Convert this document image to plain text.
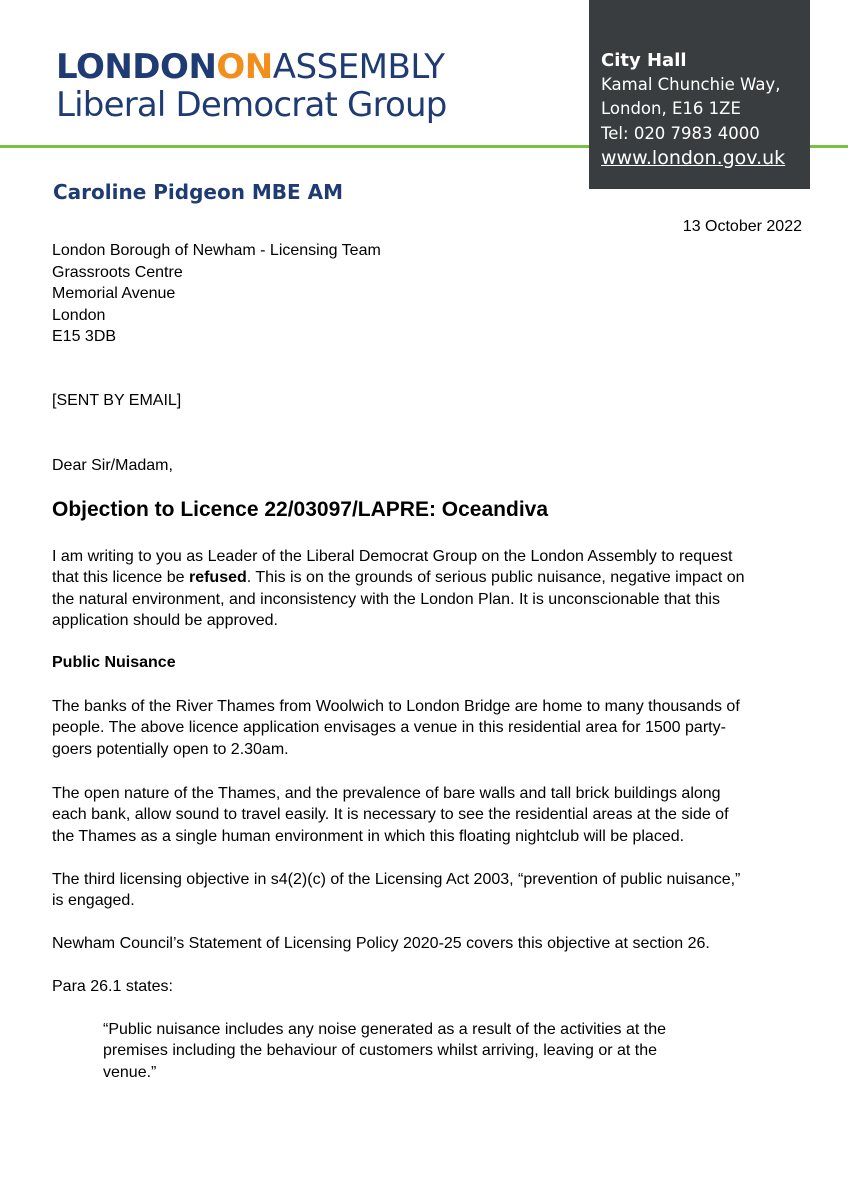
LONDONONASSEMBLY
Liberal Democrat Group
City Hall
Kamal Chunchie Way,
London, E16 1ZE
Tel: 020 7983 4000
www.london.gov.uk
Caroline Pidgeon MBE AM
13 October 2022
London Borough of Newham - Licensing Team
Grassroots Centre
Memorial Avenue
London
E15 3DB
[SENT BY EMAIL]
Dear Sir/Madam,
Objection to Licence 22/03097/LAPRE: Oceandiva
I am writing to you as Leader of the Liberal Democrat Group on the London Assembly to request
that this licence be refused. This is on the grounds of serious public nuisance, negative impact on
the natural environment, and inconsistency with the London Plan. It is unconscionable that this
application should be approved.
Public Nuisance
The banks of the River Thames from Woolwich to London Bridge are home to many thousands of
people. The above licence application envisages a venue in this residential area for 1500 party-
goers potentially open to 2.30am.
The open nature of the Thames, and the prevalence of bare walls and tall brick buildings along
each bank, allow sound to travel easily. It is necessary to see the residential areas at the side of
the Thames as a single human environment in which this floating nightclub will be placed.
The third licensing objective in s4(2)(c) of the Licensing Act 2003, “prevention of public nuisance,”
is engaged.
Newham Council’s Statement of Licensing Policy 2020-25 covers this objective at section 26.
Para 26.1 states:
“Public nuisance includes any noise generated as a result of the activities at the
premises including the behaviour of customers whilst arriving, leaving or at the
venue.”
